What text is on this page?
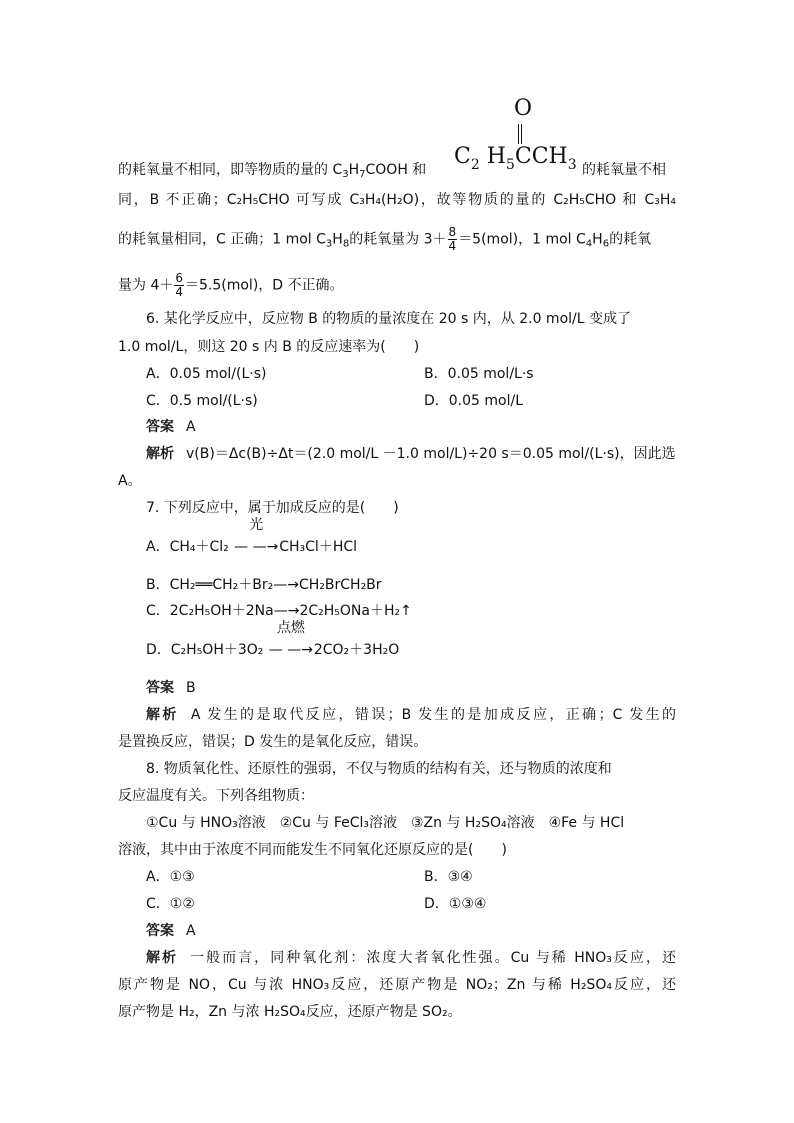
O
$C_2$ $H_5CCH_3$
的耗氧量不相同，即等物质的量的 $C_3H_7COOH$ 和	的耗氧量不相
同，B 不正确；C₂H₅CHO 可写成 C₃H₄(H₂O)，故等物质的量的 C₂H₅CHO 和 C₃H₄
的耗氧量相同，C 正确；1 mol $C_3H_8$的耗氧量为 $3+ \frac{8}{4} =5(mol)$，1 mol $C_4H_6$的耗氧
量为 $4+ \frac{6}{4} =5.5(mol)$，D 不正确。
6. 某化学反应中，反应物 B 的物质的量浓度在 20 s 内，从 2.0 mol/L 变成了
1.0 mol/L，则这 20 s 内 B 的反应速率为(　　)
A．0.05 mol/(L·s)	B．0.05 mol/L·s
C．0.5 mol/(L·s)	D．0.05 mol/L
答案 A
解析 v(B)＝Δc(B)÷Δt＝(2.0 mol/L －1.0 mol/L)÷20 s＝0.05 mol/(L·s)，因此选
A。
7. 下列反应中，属于加成反应的是(　　)
A．CH₄＋Cl₂
光
— —→CH₃Cl＋HCl
B．CH₂══CH₂＋Br₂—→CH₂BrCH₂Br
C．2C₂H₅OH＋2Na—→2C₂H₅ONa＋H₂↑
D．C₂H₅OH＋3O₂
点燃
— —→2CO₂＋3H₂O
答案 B
解析 A 发生的是取代反应，错误；B 发生的是加成反应，正确；C 发生的
是置换反应，错误；D 发生的是氧化反应，错误。
8. 物质氧化性、还原性的强弱，不仅与物质的结构有关，还与物质的浓度和
反应温度有关。下列各组物质：
①Cu 与 HNO₃溶液　②Cu 与 FeCl₃溶液　③Zn 与 H₂SO₄溶液　④Fe 与 HCl
溶液，其中由于浓度不同而能发生不同氧化还原反应的是(　　)
A．①③	B．③④
C．①②	D．①③④
答案 A
解析 一般而言，同种氧化剂：浓度大者氧化性强。Cu 与稀 HNO₃反应，还
原产物是 NO，Cu 与浓 HNO₃反应，还原产物是 NO₂；Zn 与稀 H₂SO₄反应，还
原产物是 H₂，Zn 与浓 H₂SO₄反应，还原产物是 SO₂。
